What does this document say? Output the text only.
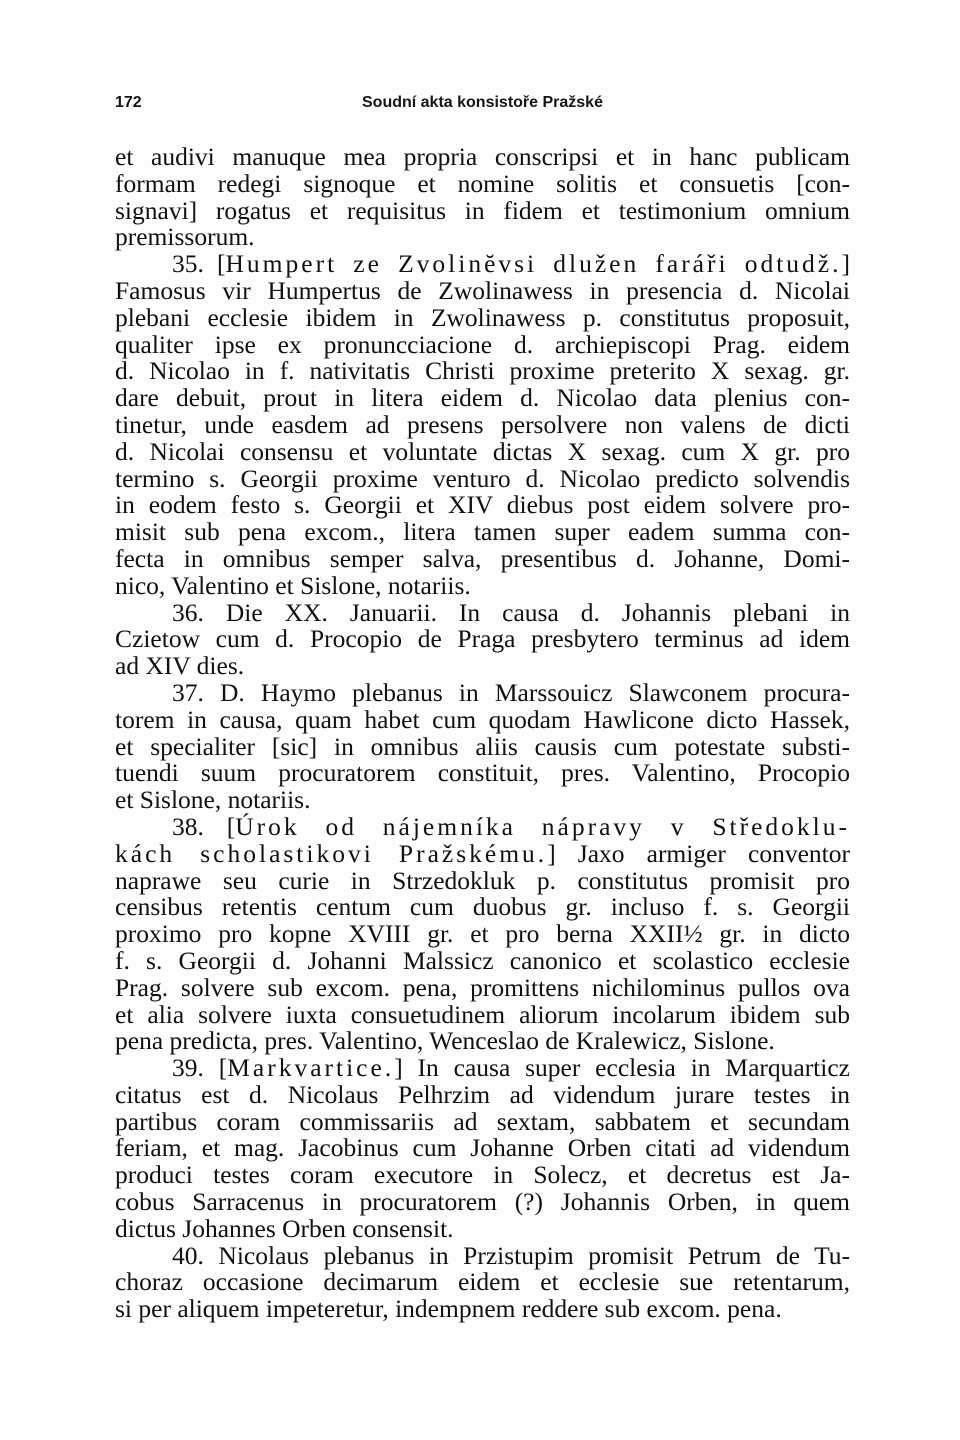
172	Soudní akta konsistoře Pražské
et audivi manuque mea propria conscripsi et in hanc publicam
formam redegi signoque et nomine solitis et consuetis [con-
signavi] rogatus et requisitus in fidem et testimonium omnium
premissorum.
35. [Humpert ze Zvolinĕvsi dlužen faráři odtudž.]
Famosus vir Humpertus de Zwolinawess in presencia d. Nicolai
plebani ecclesie ibidem in Zwolinawess p. constitutus proposuit,
qualiter ipse ex pronuncciacione d. archiepiscopi Prag. eidem
d. Nicolao in f. nativitatis Christi proxime preterito X sexag. gr.
dare debuit, prout in litera eidem d. Nicolao data plenius con-
tinetur, unde easdem ad presens persolvere non valens de dicti
d. Nicolai consensu et voluntate dictas X sexag. cum X gr. pro
termino s. Georgii proxime venturo d. Nicolao predicto solvendis
in eodem festo s. Georgii et XIV diebus post eidem solvere pro-
misit sub pena excom., litera tamen super eadem summa con-
fecta in omnibus semper salva, presentibus d. Johanne, Domi-
nico, Valentino et Sislone, notariis.
36. Die XX. Januarii. In causa d. Johannis plebani in
Czietow cum d. Procopio de Praga presbytero terminus ad idem
ad XIV dies.
37. D. Haymo plebanus in Marssouicz Slawconem procura-
torem in causa, quam habet cum quodam Hawlicone dicto Hassek,
et specialiter [sic] in omnibus aliis causis cum potestate substi-
tuendi suum procuratorem constituit, pres. Valentino, Procopio
et Sislone, notariis.
38. [Úrok od nájemníka nápravy v Středoklu-
kách scholastikovi Pražskému.] Jaxo armiger conventor
naprawe seu curie in Strzedokluk p. constitutus promisit pro
censibus retentis centum cum duobus gr. incluso f. s. Georgii
proximo pro kopne XVIII gr. et pro berna XXII½ gr. in dicto
f. s. Georgii d. Johanni Malssicz canonico et scolastico ecclesie
Prag. solvere sub excom. pena, promittens nichilominus pullos ova
et alia solvere iuxta consuetudinem aliorum incolarum ibidem sub
pena predicta, pres. Valentino, Wenceslao de Kralewicz, Sislone.
39. [Markvartice.] In causa super ecclesia in Marquarticz
citatus est d. Nicolaus Pelhrzim ad videndum jurare testes in
partibus coram commissariis ad sextam, sabbatem et secundam
feriam, et mag. Jacobinus cum Johanne Orben citati ad videndum
produci testes coram executore in Solecz, et decretus est Ja-
cobus Sarracenus in procuratorem (?) Johannis Orben, in quem
dictus Johannes Orben consensit.
40. Nicolaus plebanus in Przistupim promisit Petrum de Tu-
choraz occasione decimarum eidem et ecclesie sue retentarum,
si per aliquem impeteretur, indempnem reddere sub excom. pena.
